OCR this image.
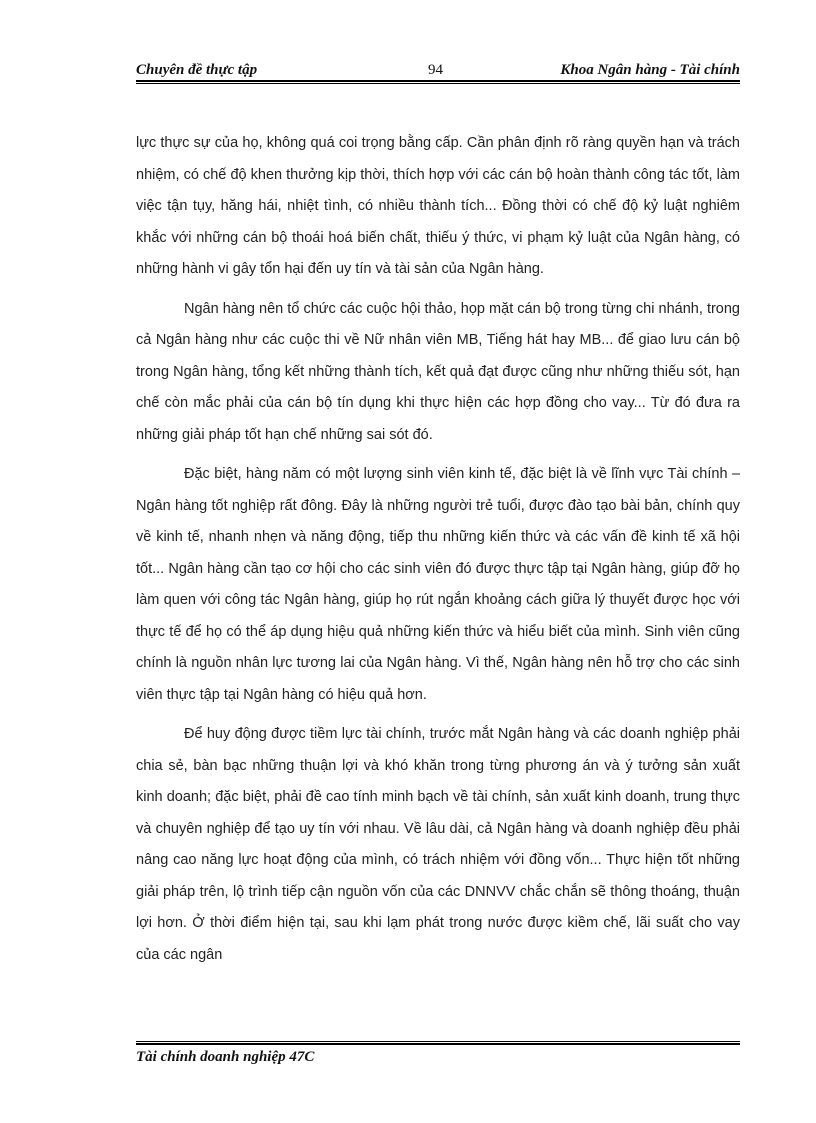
Chuyên đề thực tập	94	Khoa Ngân hàng - Tài chính

lực thực sự của họ, không quá coi trọng bằng cấp. Cần phân định rõ ràng quyền hạn và trách nhiệm, có chế độ khen thưởng kịp thời, thích hợp với các cán bộ hoàn thành công tác tốt, làm việc tận tụy, hăng hái, nhiệt tình, có nhiều thành tích... Đồng thời có chế độ kỷ luật nghiêm khắc với những cán bộ thoái hoá biến chất, thiếu ý thức, vi phạm kỷ luật của Ngân hàng, có những hành vi gây tổn hại đến uy tín và tài sản của Ngân hàng.

Ngân hàng nên tổ chức các cuộc hội thảo, họp mặt cán bộ trong từng chi nhánh, trong cả Ngân hàng như các cuộc thi về Nữ nhân viên MB, Tiếng hát hay MB... để giao lưu cán bộ trong Ngân hàng, tổng kết những thành tích, kết quả đạt được cũng như những thiếu sót, hạn chế còn mắc phải của cán bộ tín dụng khi thực hiện các hợp đồng cho vay... Từ đó đưa ra những giải pháp tốt hạn chế những sai sót đó.

Đặc biệt, hàng năm có một lượng sinh viên kinh tế, đặc biệt là về lĩnh vực Tài chính – Ngân hàng tốt nghiệp rất đông. Đây là những người trẻ tuổi, được đào tạo bài bản, chính quy về kinh tế, nhanh nhẹn và năng động, tiếp thu những kiến thức và các vấn đề kinh tế xã hội tốt... Ngân hàng cần tạo cơ hội cho các sinh viên đó được thực tập tại Ngân hàng, giúp đỡ họ làm quen với công tác Ngân hàng, giúp họ rút ngắn khoảng cách giữa lý thuyết được học với thực tế để họ có thể áp dụng hiệu quả những kiến thức và hiểu biết của mình. Sinh viên cũng chính là nguồn nhân lực tương lai của Ngân hàng. Vì thế, Ngân hàng nên hỗ trợ cho các sinh viên thực tập tại Ngân hàng có hiệu quả hơn.

Để huy động được tiềm lực tài chính, trước mắt Ngân hàng và các doanh nghiệp phải chia sẻ, bàn bạc những thuận lợi và khó khăn trong từng phương án và ý tưởng sản xuất kinh doanh; đặc biệt, phải đề cao tính minh bạch về tài chính, sản xuất kinh doanh, trung thực và chuyên nghiệp để tạo uy tín với nhau. Về lâu dài, cả Ngân hàng và doanh nghiệp đều phải nâng cao năng lực hoạt động của mình, có trách nhiệm với đồng vốn... Thực hiện tốt những giải pháp trên, lộ trình tiếp cận nguồn vốn của các DNNVV chắc chắn sẽ thông thoáng, thuận lợi hơn. Ở thời điểm hiện tại, sau khi lạm phát trong nước được kiềm chế, lãi suất cho vay của các ngân

Tài chính doanh nghiệp 47C
